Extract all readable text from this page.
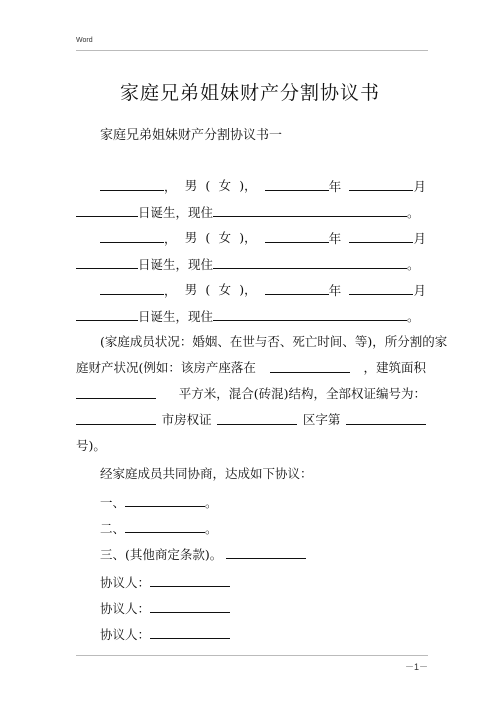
Word
家庭兄弟姐妹财产分割协议书
家庭兄弟姐妹财产分割协议书一
， 男 ( 女 )，	年	月
日诞生，现住	。
， 男 ( 女 )，	年	月
日诞生，现住	。
， 男 ( 女 )，	年	月
日诞生，现住	。
(家庭成员状况：婚姻、在世与否、死亡时间、等)，所分割的家
庭财产状况(例如：该房产座落在	，建筑面积
平方米，混合(砖混)结构，全部权证编号为：
市房权证	区字第
号)。
经家庭成员共同协商，达成如下协议：
一、	。
二、	。
三、(其他商定条款)。
协议人：
协议人：
协议人：
－1－
